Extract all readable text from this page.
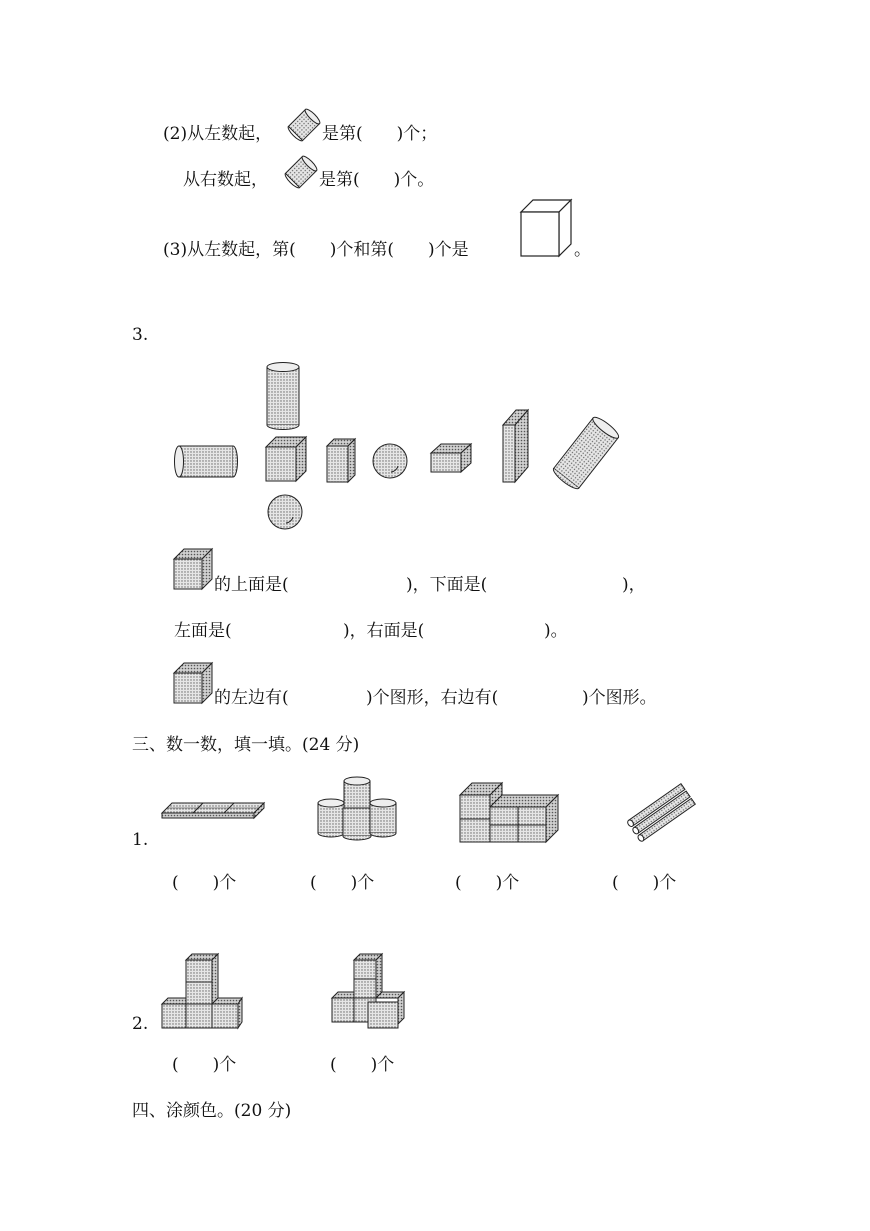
(2)从左数起，	是第(　　)个；
从右数起，	是第(　　)个。
(3)从左数起，第(　　)个和第(　　)个是	。
3.
的上面是(	)，下面是(	)，
左面是(	)，右面是(	)。
的左边有(	)个图形，右边有(	)个图形。
三、数一数，填一填。(24 分)
1.
(　　)个	(　　)个	(　　)个	(　　)个
2.
(　　)个	(　　)个
四、涂颜色。(20 分)
